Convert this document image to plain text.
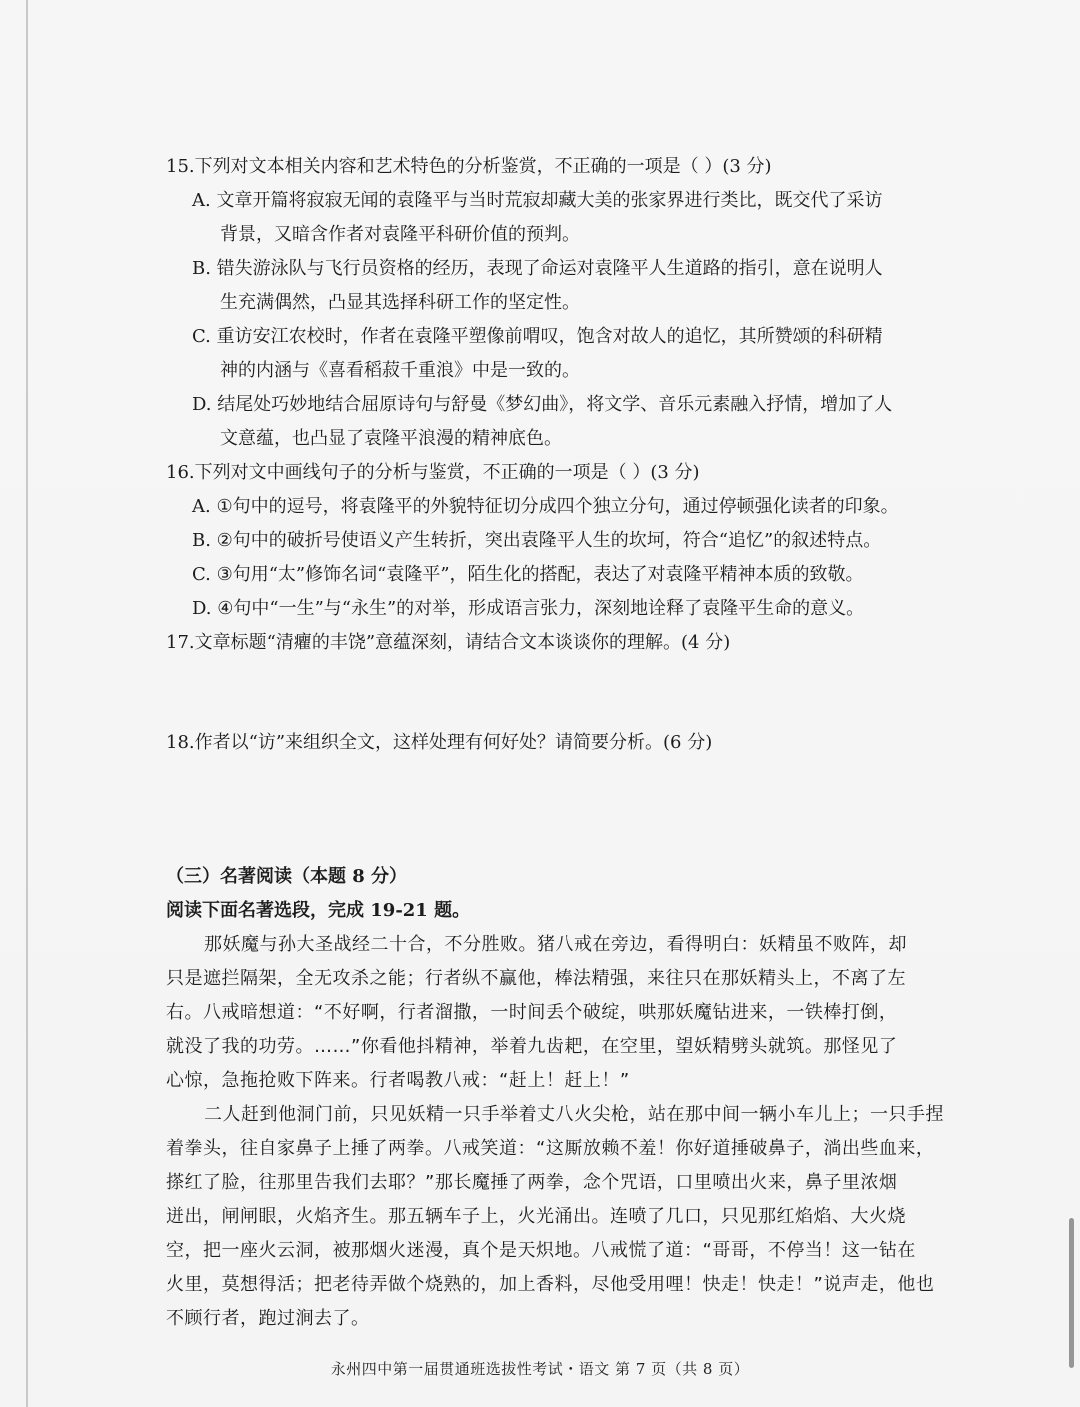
15.下列对文本相关内容和艺术特色的分析鉴赏，不正确的一项是（ ）(3 分)
A. 文章开篇将寂寂无闻的袁隆平与当时荒寂却藏大美的张家界进行类比，既交代了采访
背景，又暗含作者对袁隆平科研价值的预判。
B. 错失游泳队与飞行员资格的经历，表现了命运对袁隆平人生道路的指引，意在说明人
生充满偶然，凸显其选择科研工作的坚定性。
C. 重访安江农校时，作者在袁隆平塑像前喟叹，饱含对故人的追忆，其所赞颂的科研精
神的内涵与《喜看稻菽千重浪》中是一致的。
D. 结尾处巧妙地结合屈原诗句与舒曼《梦幻曲》，将文学、音乐元素融入抒情，增加了人
文意蕴，也凸显了袁隆平浪漫的精神底色。
16.下列对文中画线句子的分析与鉴赏，不正确的一项是（ ）(3 分)
A. ①句中的逗号，将袁隆平的外貌特征切分成四个独立分句，通过停顿强化读者的印象。
B. ②句中的破折号使语义产生转折，突出袁隆平人生的坎坷，符合“追忆”的叙述特点。
C. ③句用“太”修饰名词“袁隆平”，陌生化的搭配，表达了对袁隆平精神本质的致敬。
D. ④句中“一生”与“永生”的对举，形成语言张力，深刻地诠释了袁隆平生命的意义。
17.文章标题“清癯的丰饶”意蕴深刻，请结合文本谈谈你的理解。(4 分)
18.作者以“访”来组织全文，这样处理有何好处？请简要分析。(6 分)
（三）名著阅读（本题 8 分）
阅读下面名著选段，完成 19-21 题。
那妖魔与孙大圣战经二十合，不分胜败。猪八戒在旁边，看得明白：妖精虽不败阵，却
只是遮拦隔架，全无攻杀之能；行者纵不赢他，棒法精强，来往只在那妖精头上，不离了左
右。八戒暗想道：“不好啊，行者溜撒，一时间丢个破绽，哄那妖魔钻进来，一铁棒打倒，
就没了我的功劳。……”你看他抖精神，举着九齿耙，在空里，望妖精劈头就筑。那怪见了
心惊，急拖抢败下阵来。行者喝教八戒：“赶上！赶上！”
二人赶到他洞门前，只见妖精一只手举着丈八火尖枪，站在那中间一辆小车儿上；一只手捏
着拳头，往自家鼻子上捶了两拳。八戒笑道：“这厮放赖不羞！你好道捶破鼻子，淌出些血来，
搽红了脸，往那里告我们去耶？”那长魔捶了两拳，念个咒语，口里喷出火来，鼻子里浓烟
迸出，闸闸眼，火焰齐生。那五辆车子上，火光涌出。连喷了几口，只见那红焰焰、大火烧
空，把一座火云洞，被那烟火迷漫，真个是天炽地。八戒慌了道：“哥哥，不停当！这一钻在
火里，莫想得活；把老待弄做个烧熟的，加上香料，尽他受用哩！快走！快走！”说声走，他也
不顾行者，跑过涧去了。
永州四中第一届贯通班选拔性考试・语文 第 7 页（共 8 页）
